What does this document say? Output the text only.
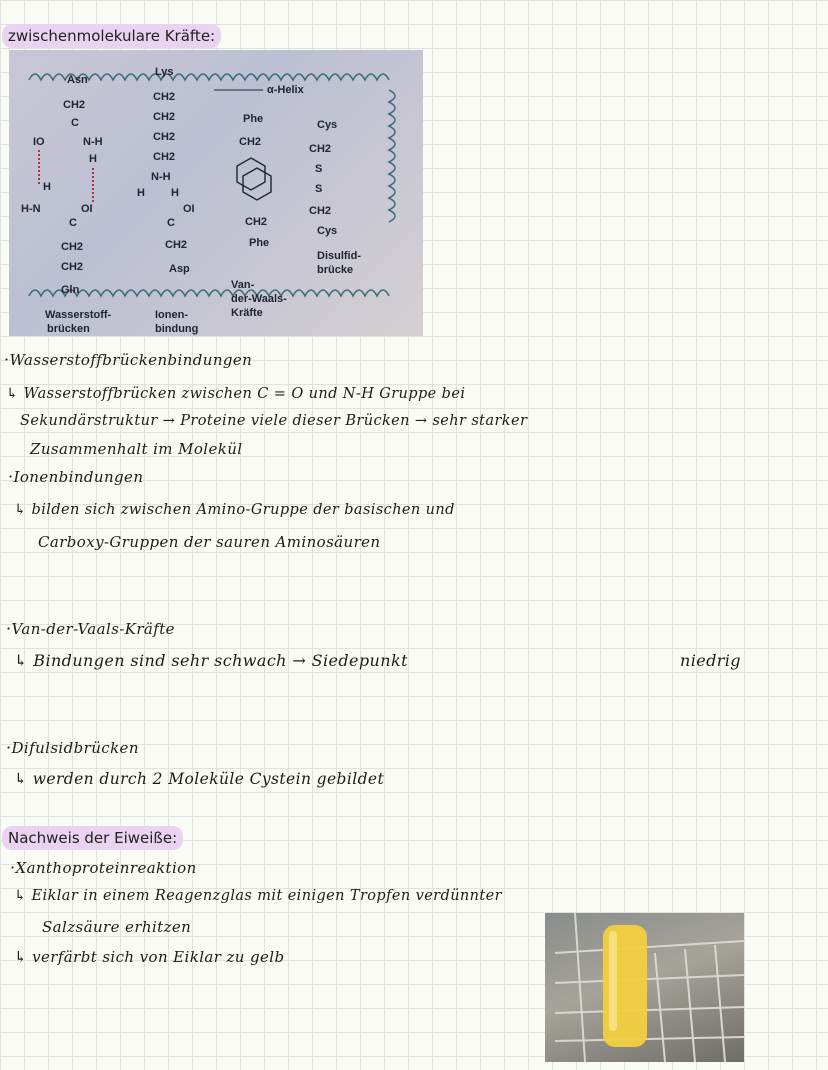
zwischenmolekulare Kräfte:
α-Helix
Asn
CH2
C
IO	N-H
H
H
H-N	OI
C
CH2
CH2
Gln
Lys
CH2
CH2
CH2
CH2
N-H
H H
OI
C
CH2
Asp
Phe
CH2
CH2
Phe
Cys
CH2
S
S
CH2
Cys
Wasserstoff-
brücken
Ionen-
bindung
Van-
der-Waals-
Kräfte
Disulfid-
brücke
·Wasserstoffbrückenbindungen
↳ Wasserstoffbrücken zwischen C = O und N-H Gruppe bei
Sekundärstruktur → Proteine viele dieser Brücken → sehr starker
Zusammenhalt im Molekül
·Ionenbindungen
↳ bilden sich zwischen Amino-Gruppe der basischen und
Carboxy-Gruppen der sauren Aminosäuren
·Van-der-Vaals-Kräfte
↳ Bindungen sind sehr schwach → Siedepunkt	niedrig
·Difulsidbrücken
↳ werden durch 2 Moleküle Cystein gebildet
Nachweis der Eiweiße:
·Xanthoproteinreaktion
↳ Eiklar in einem Reagenzglas mit einigen Tropfen verdünnter
Salzsäure erhitzen
↳ verfärbt sich von Eiklar zu gelb
